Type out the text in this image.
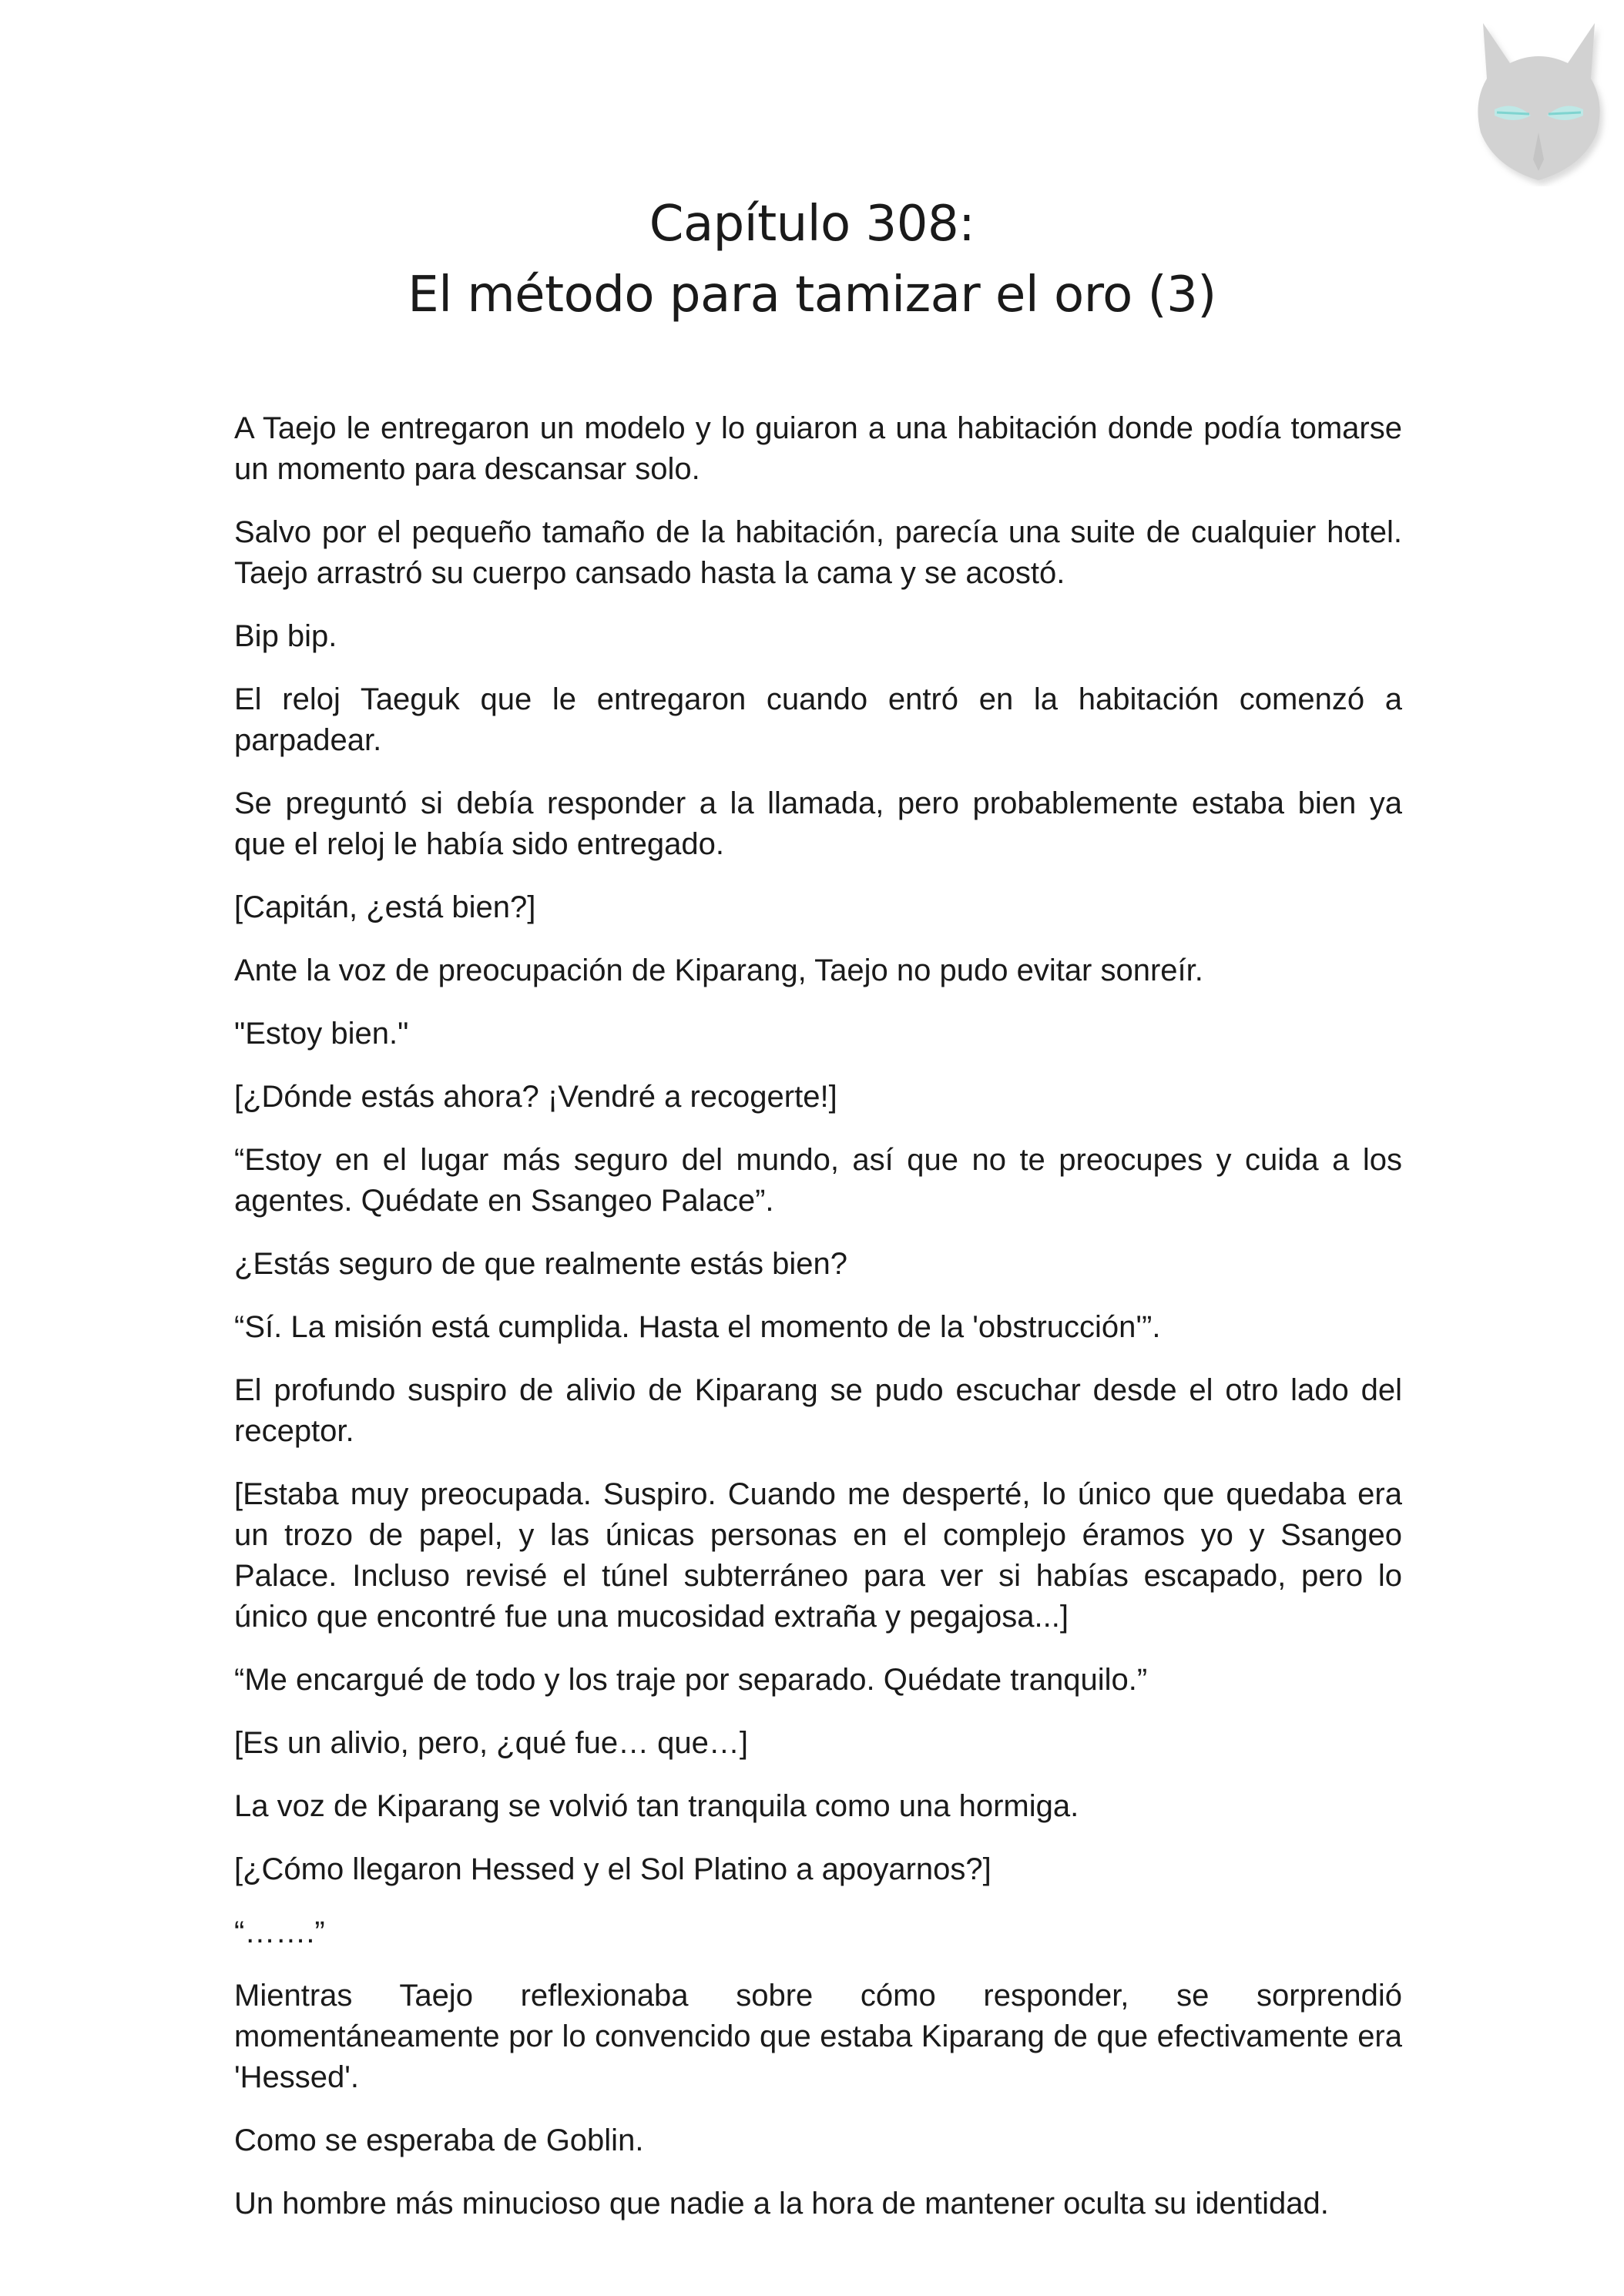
Capítulo 308:

El método para tamizar el oro (3)

A Taejo le entregaron un modelo y lo guiaron a una habitación donde podía tomarse un momento para descansar solo.

Salvo por el pequeño tamaño de la habitación, parecía una suite de cualquier hotel. Taejo arrastró su cuerpo cansado hasta la cama y se acostó.

Bip bip.

El reloj Taeguk que le entregaron cuando entró en la habitación comenzó a parpadear.

Se preguntó si debía responder a la llamada, pero probablemente estaba bien ya que el reloj le había sido entregado.

[Capitán, ¿está bien?]

Ante la voz de preocupación de Kiparang, Taejo no pudo evitar sonreír.

"Estoy bien."

[¿Dónde estás ahora? ¡Vendré a recogerte!]

“Estoy en el lugar más seguro del mundo, así que no te preocupes y cuida a los agentes. Quédate en Ssangeo Palace”.

¿Estás seguro de que realmente estás bien?

“Sí. La misión está cumplida. Hasta el momento de la 'obstrucción'”.

El profundo suspiro de alivio de Kiparang se pudo escuchar desde el otro lado del receptor.

[Estaba muy preocupada. Suspiro. Cuando me desperté, lo único que quedaba era un trozo de papel, y las únicas personas en el complejo éramos yo y Ssangeo Palace. Incluso revisé el túnel subterráneo para ver si habías escapado, pero lo único que encontré fue una mucosidad extraña y pegajosa...]

“Me encargué de todo y los traje por separado. Quédate tranquilo.”

[Es un alivio, pero, ¿qué fue… que…]

La voz de Kiparang se volvió tan tranquila como una hormiga.

[¿Cómo llegaron Hessed y el Sol Platino a apoyarnos?]

“…….”

Mientras Taejo reflexionaba sobre cómo responder, se sorprendió momentáneamente por lo convencido que estaba Kiparang de que efectivamente era 'Hessed'.

Como se esperaba de Goblin.

Un hombre más minucioso que nadie a la hora de mantener oculta su identidad.
